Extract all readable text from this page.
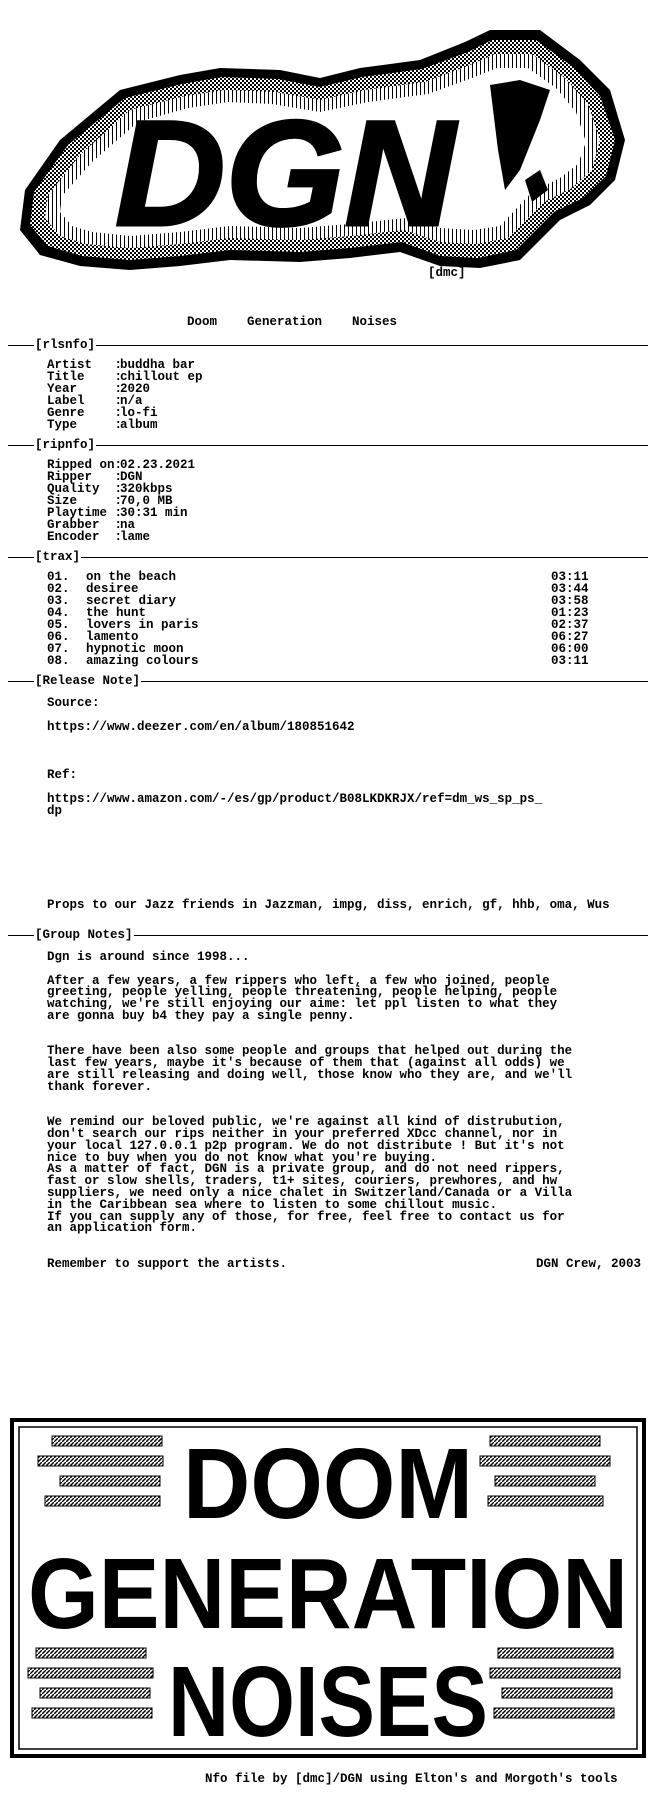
DGN
[dmc]
Doom    Generation    Noises
[rlsnfo]
Artist   :
buddha bar
Title    :
chillout ep
Year     :
2020
Label    :
n/a
Genre    :
lo-fi
Type     :
album
[ripnfo]
Ripped on:
02.23.2021
Ripper   :
DGN
Quality  :
320kbps
Size     :
70,0 MB
Playtime :
30:31 min
Grabber  :
na
Encoder  :
lame
[trax]
01. on the beach	03:11
02. desiree	03:44
03. secret diary	03:58
04. the hunt	01:23
05. lovers in paris	02:37
06. lamento	06:27
07. hypnotic moon	06:00
08. amazing colours	03:11
[Release Note]
Source:
https://www.deezer.com/en/album/180851642
Ref:
https://www.amazon.com/-/es/gp/product/B08LKDKRJX/ref=dm_ws_sp_ps_
dp
Props to our Jazz friends in Jazzman, impg, diss, enrich, gf, hhb, oma, Wus
[Group Notes]
Dgn is around since 1998...
After a few years, a few rippers who left, a few who joined, people
greeting, people yelling, people threatening, people helping, people
watching, we're still enjoying our aime: let ppl listen to what they
are gonna buy b4 they pay a single penny.
There have been also some people and groups that helped out during the
last few years, maybe it's because of them that (against all odds) we
are still releasing and doing well, those know who they are, and we'll
thank forever.
We remind our beloved public, we're against all kind of distrubution,
don't search our rips neither in your preferred XDcc channel, nor in
your local 127.0.0.1 p2p program. We do not distribute ! But it's not
nice to buy when you do not know what you're buying.
As a matter of fact, DGN is a private group, and do not need rippers,
fast or slow shells, traders, t1+ sites, couriers, prewhores, and hw
suppliers, we need only a nice chalet in Switzerland/Canada or a Villa
in the Caribbean sea where to listen to some chillout music.
If you can supply any of those, for free, feel free to contact us for
an application form.
Remember to support the artists.	DGN Crew, 2003
DOOM
GENERATION
NOISES
Nfo file by [dmc]/DGN using Elton's and Morgoth's tools
